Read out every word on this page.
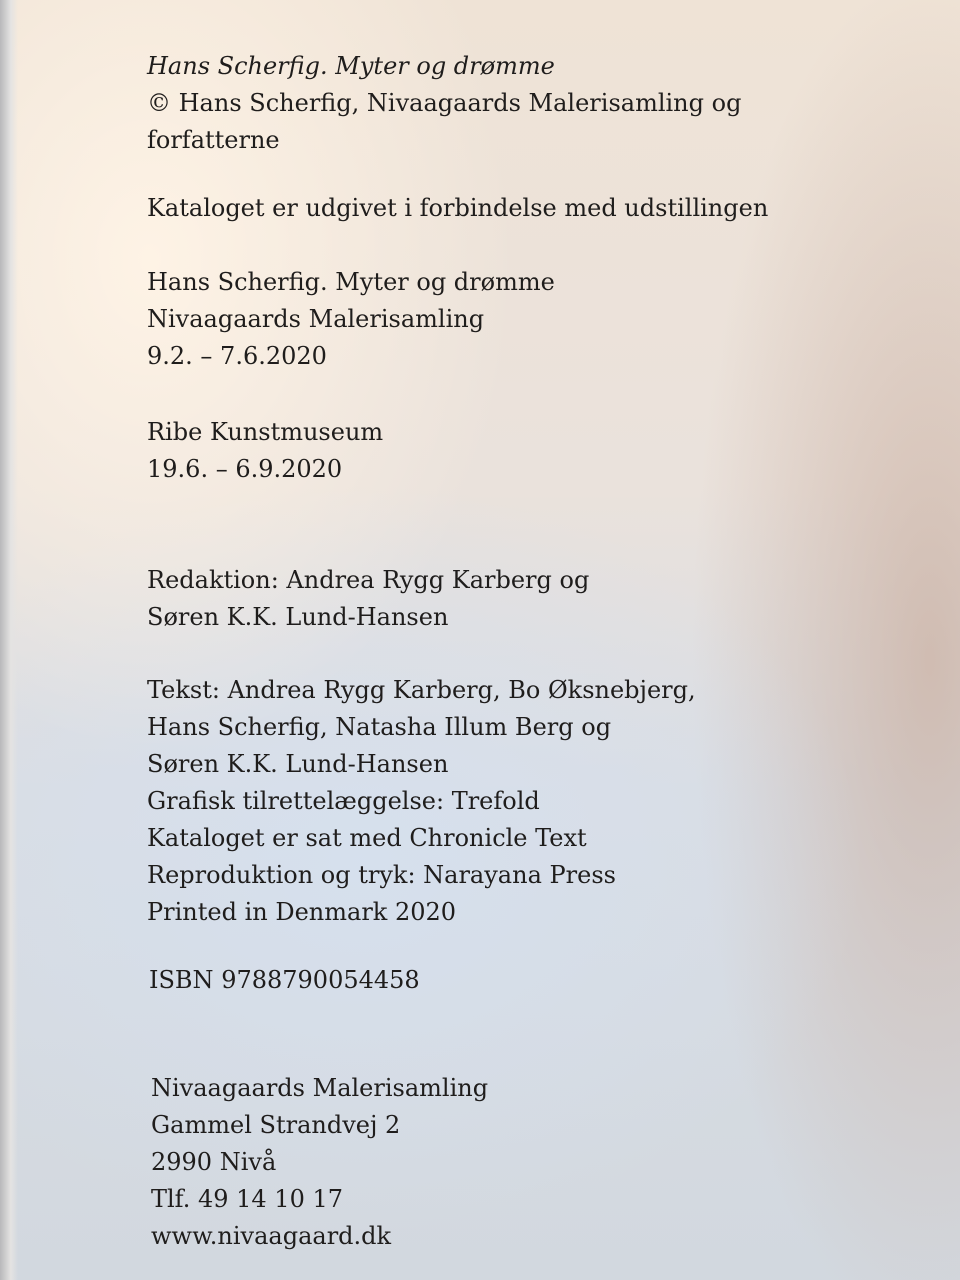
Hans Scherfig. Myter og drømme
© Hans Scherfig, Nivaagaards Malerisamling og
forfatterne
Kataloget er udgivet i forbindelse med udstillingen
Hans Scherfig. Myter og drømme
Nivaagaards Malerisamling
9.2. – 7.6.2020
Ribe Kunstmuseum
19.6. – 6.9.2020
Redaktion: Andrea Rygg Karberg og
Søren K.K. Lund-Hansen
Tekst: Andrea Rygg Karberg, Bo Øksnebjerg,
Hans Scherfig, Natasha Illum Berg og
Søren K.K. Lund-Hansen
Grafisk tilrettelæggelse: Trefold
Kataloget er sat med Chronicle Text
Reproduktion og tryk: Narayana Press
Printed in Denmark 2020
ISBN 9788790054458
Nivaagaards Malerisamling
Gammel Strandvej 2
2990 Nivå
Tlf. 49 14 10 17
www.nivaagaard.dk
